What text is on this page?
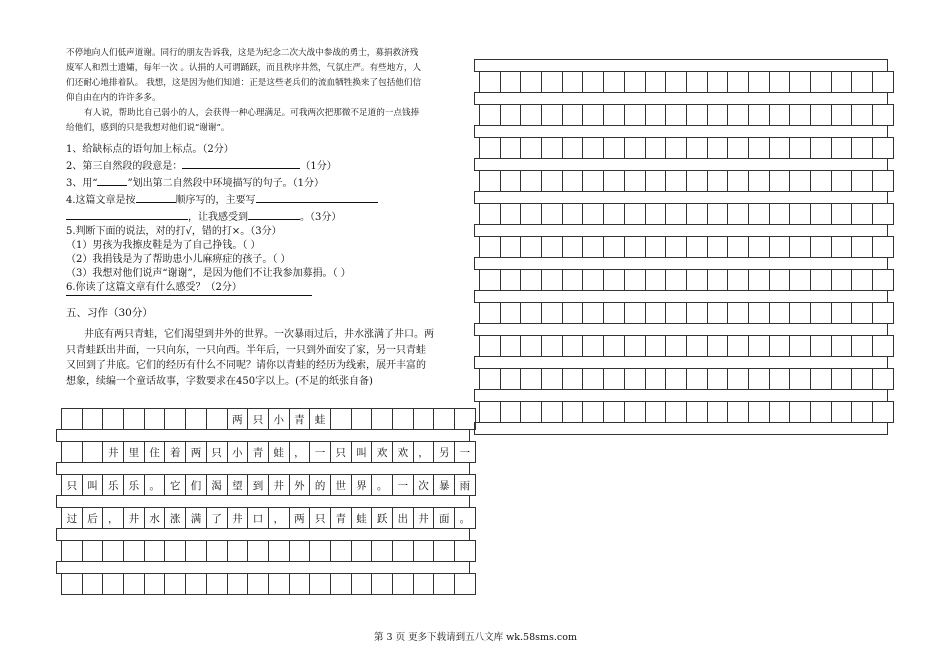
不停地向人们低声道谢。同行的朋友告诉我，这是为纪念二次大战中参战的勇士，募捐救济残
废军人和烈士遗孀，每年一次 。认捐的人可谓踊跃，而且秩序井然，气氛庄严。有些地方，人
们还耐心地排着队。 我想，这是因为他们知道：正是这些老兵们的流血牺牲换来了包括他们信
仰自由在内的许许多多。
有人说，帮助比自己弱小的人，会获得一种心理满足。可我两次把那微不足道的一点钱捧
给他们，感到的只是我想对他们说“谢谢”。
1、给缺标点的语句加上标点。（2分）
2、第三自然段的段意是：	（1分）
3、用“	”划出第二自然段中环境描写的句子。（1分）
4.这篇文章是按	顺序写的，主要写
，让我感受到	。（3分）
5.判断下面的说法，对的打√，错的打×。（3分）
（1）男孩为我擦皮鞋是为了自己挣钱。（ ）
（2）我捐钱是为了帮助患小儿麻痹症的孩子。（ ）
（3）我想对他们说声“谢谢”，是因为他们不让我参加募捐。（ ）
6.你读了这篇文章有什么感受？（2分）
五、习作（30分）
井底有两只青蛙，它们渴望到井外的世界。一次暴雨过后，井水涨满了井口。两
只青蛙跃出井面，一只向东，一只向西。半年后，一只到外面安了家，另一只青蛙
又回到了井底。它们的经历有什么不同呢？请你以青蛙的经历为线索，展开丰富的
想象，续编一个童话故事，字数要求在450字以上。(不足的纸张自备)
两 只 小 青 蛙
井 里 住 着 两 只 小 青 蛙 ， 一 只 叫 欢 欢 ， 另 一
只 叫 乐 乐 。 它 们 渴 望 到 井 外 的 世 界 。 一 次 暴 雨
过 后 ， 井 水 涨 满 了 井 口 ， 两 只 青 蛙 跃 出 井 面 。
第 3 页 更多下载请到五八文库 wk.58sms.com
